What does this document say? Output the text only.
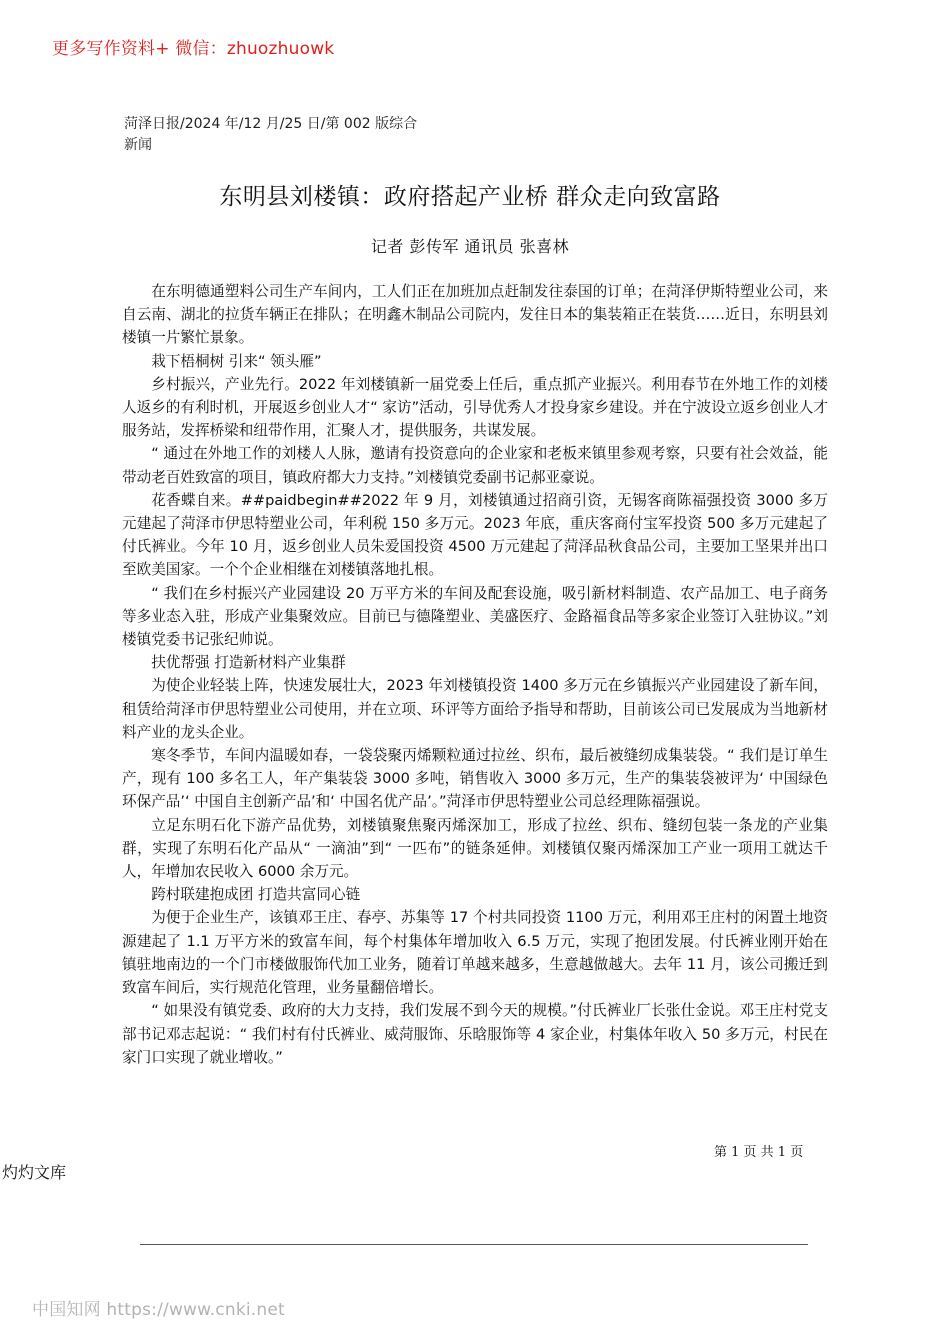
更多写作资料+ 微信：zhuozhuowk
菏泽日报/2024 年/12 月/25 日/第 002 版综合新闻
东明县刘楼镇：政府搭起产业桥 群众走向致富路
记者 彭传军 通讯员 张喜林

在东明德通塑料公司生产车间内，工人们正在加班加点赶制发往泰国的订单；在菏泽伊斯特塑业公司，来自云南、湖北的拉货车辆正在排队；在明鑫木制品公司院内，发往日本的集装箱正在装货……近日，东明县刘楼镇一片繁忙景象。

栽下梧桐树 引来“ 领头雁”

乡村振兴，产业先行。2022 年刘楼镇新一届党委上任后，重点抓产业振兴。利用春节在外地工作的刘楼人返乡的有利时机，开展返乡创业人才“ 家访”活动，引导优秀人才投身家乡建设。并在宁波设立返乡创业人才服务站，发挥桥梁和纽带作用，汇聚人才，提供服务，共谋发展。

“ 通过在外地工作的刘楼人人脉，邀请有投资意向的企业家和老板来镇里参观考察，只要有社会效益，能带动老百姓致富的项目，镇政府都大力支持。”刘楼镇党委副书记郝亚豪说。

花香蝶自来。##paidbegin##2022 年 9 月，刘楼镇通过招商引资，无锡客商陈福强投资 3000 多万元建起了菏泽市伊思特塑业公司，年利税 150 多万元。2023 年底，重庆客商付宝军投资 500 多万元建起了付氏裤业。今年 10 月，返乡创业人员朱爱国投资 4500 万元建起了菏泽品秋食品公司，主要加工坚果并出口至欧美国家。一个个企业相继在刘楼镇落地扎根。

“ 我们在乡村振兴产业园建设 20 万平方米的车间及配套设施，吸引新材料制造、农产品加工、电子商务等多业态入驻，形成产业集聚效应。目前已与德隆塑业、美盛医疗、金路福食品等多家企业签订入驻协议。”刘楼镇党委书记张纪帅说。

扶优帮强 打造新材料产业集群

为使企业轻装上阵，快速发展壮大，2023 年刘楼镇投资 1400 多万元在乡镇振兴产业园建设了新车间，租赁给菏泽市伊思特塑业公司使用，并在立项、环评等方面给予指导和帮助，目前该公司已发展成为当地新材料产业的龙头企业。

寒冬季节，车间内温暖如春，一袋袋聚丙烯颗粒通过拉丝、织布，最后被缝纫成集装袋。“ 我们是订单生产，现有 100 多名工人，年产集装袋 3000 多吨，销售收入 3000 多万元，生产的集装袋被评为‘ 中国绿色环保产品’‘ 中国自主创新产品’和‘ 中国名优产品’。”菏泽市伊思特塑业公司总经理陈福强说。

立足东明石化下游产品优势，刘楼镇聚焦聚丙烯深加工，形成了拉丝、织布、缝纫包装一条龙的产业集群，实现了东明石化产品从“ 一滴油”到“ 一匹布”的链条延伸。刘楼镇仅聚丙烯深加工产业一项用工就达千人，年增加农民收入 6000 余万元。

跨村联建抱成团 打造共富同心链

为便于企业生产，该镇邓王庄、春亭、苏集等 17 个村共同投资 1100 万元，利用邓王庄村的闲置土地资源建起了 1.1 万平方米的致富车间，每个村集体年增加收入 6.5 万元，实现了抱团发展。付氏裤业刚开始在镇驻地南边的一个门市楼做服饰代加工业务，随着订单越来越多，生意越做越大。去年 11 月，该公司搬迁到致富车间后，实行规范化管理，业务量翻倍增长。

“ 如果没有镇党委、政府的大力支持，我们发展不到今天的规模。”付氏裤业厂长张仕金说。邓王庄村党支部书记邓志起说：“ 我们村有付氏裤业、威菏服饰、乐晗服饰等 4 家企业，村集体年收入 50 多万元，村民在家门口实现了就业增收。”

第 1 页 共 1 页
灼灼文库
中国知网 https://www.cnki.net
